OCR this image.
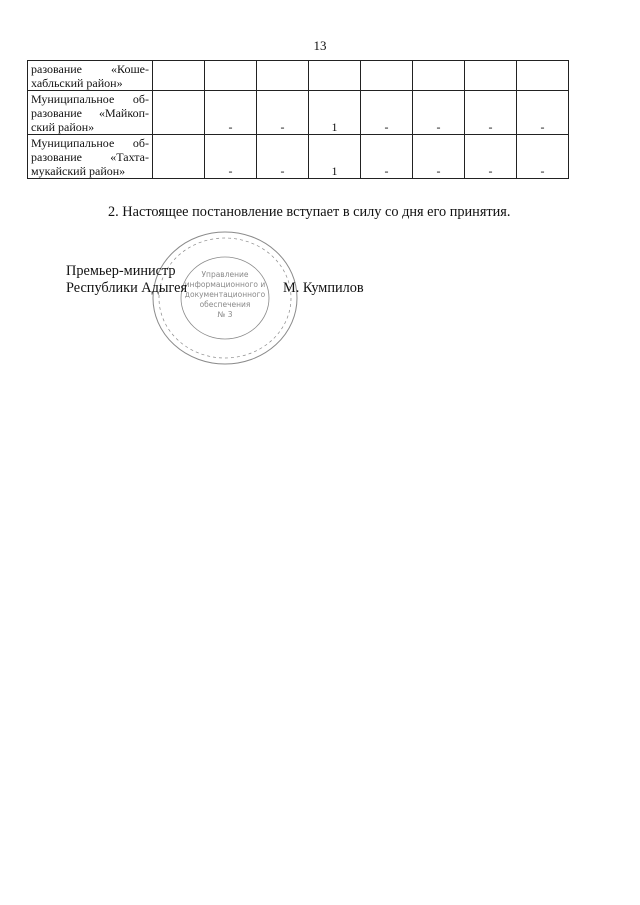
13
разование «Коше-
хабльский район»								

Муниципальное об-
разование «Майкоп-
ский район»		-	-	1	-	-	-	-

Муниципальное об-
разование «Тахта-
мукайский район»		-	-	1	-	-	-	-
2. Настоящее постановление вступает в силу со дня его принятия.
Управление
информационного и
документационного
обеспечения
№ 3
Премьер-министр
Республики Адыгея	М. Кумпилов
